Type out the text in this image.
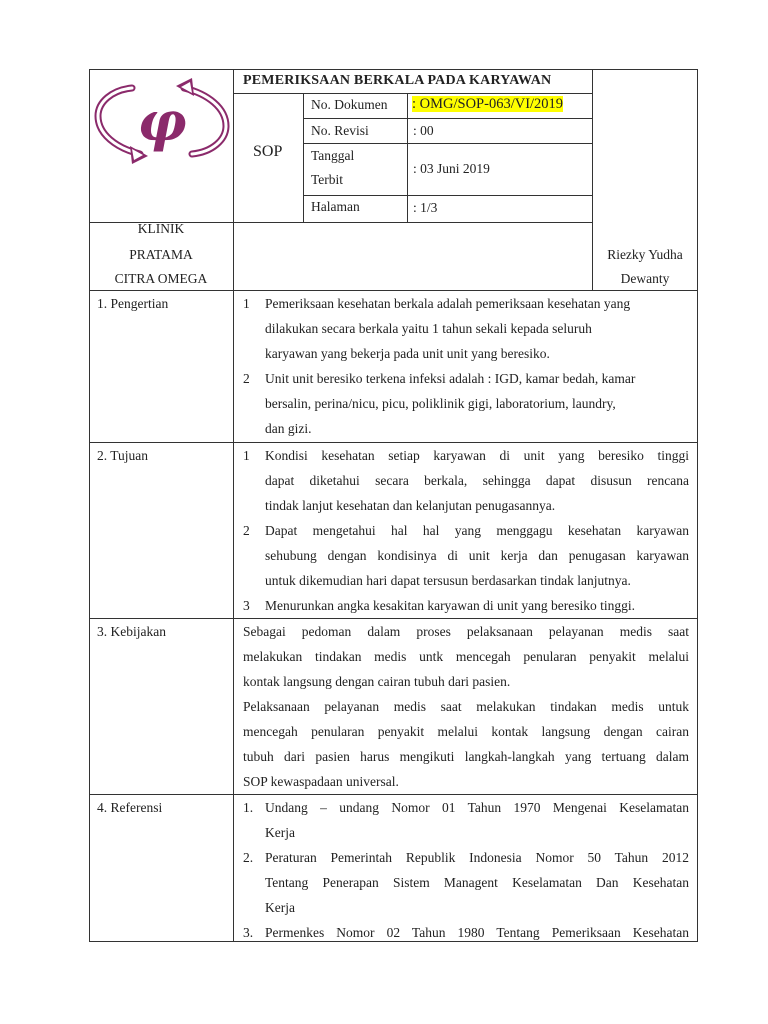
φ
PEMERIKSAAN BERKALA PADA KARYAWAN
SOP
No. Dokumen : OMG/SOP-063/VI/2019
No. Revisi	: 00
Tanggal
Terbit
: 03 Juni 2019
Halaman	: 1/3
KLINIK
PRATAMA
CITRA OMEGA
Riezky Yudha
Dewanty
1. Pengertian	1 Pemeriksaan kesehatan berkala adalah pemeriksaan kesehatan yang
dilakukan secara berkala yaitu 1 tahun sekali kepada seluruh
karyawan yang bekerja pada unit unit yang beresiko.
2 Unit unit beresiko terkena infeksi adalah : IGD, kamar bedah, kamar
bersalin, perina/nicu, picu, poliklinik gigi, laboratorium, laundry,
dan gizi.
2. Tujuan	1 Kondisi kesehatan setiap karyawan di unit yang beresiko tinggi
dapat diketahui secara berkala, sehingga dapat disusun rencana
tindak lanjut kesehatan dan kelanjutan penugasannya.
2 Dapat mengetahui hal hal yang menggagu kesehatan karyawan
sehubung dengan kondisinya di unit kerja dan penugasan karyawan
untuk dikemudian hari dapat tersusun berdasarkan tindak lanjutnya.
3 Menurunkan angka kesakitan karyawan di unit yang beresiko tinggi.
3. Kebijakan	Sebagai pedoman dalam proses pelaksanaan pelayanan medis saat
melakukan tindakan medis untk mencegah penularan penyakit melalui
kontak langsung dengan cairan tubuh dari pasien.
Pelaksanaan pelayanan medis saat melakukan tindakan medis untuk
mencegah penularan penyakit melalui kontak langsung dengan cairan
tubuh dari pasien harus mengikuti langkah-langkah yang tertuang dalam
SOP kewaspadaan universal.
4. Referensi	1. Undang – undang Nomor 01 Tahun 1970 Mengenai Keselamatan
Kerja
2. Peraturan Pemerintah Republik Indonesia Nomor 50 Tahun 2012
Tentang Penerapan Sistem Managent Keselamatan Dan Kesehatan
Kerja
3. Permenkes Nomor 02 Tahun 1980 Tentang Pemeriksaan Kesehatan
